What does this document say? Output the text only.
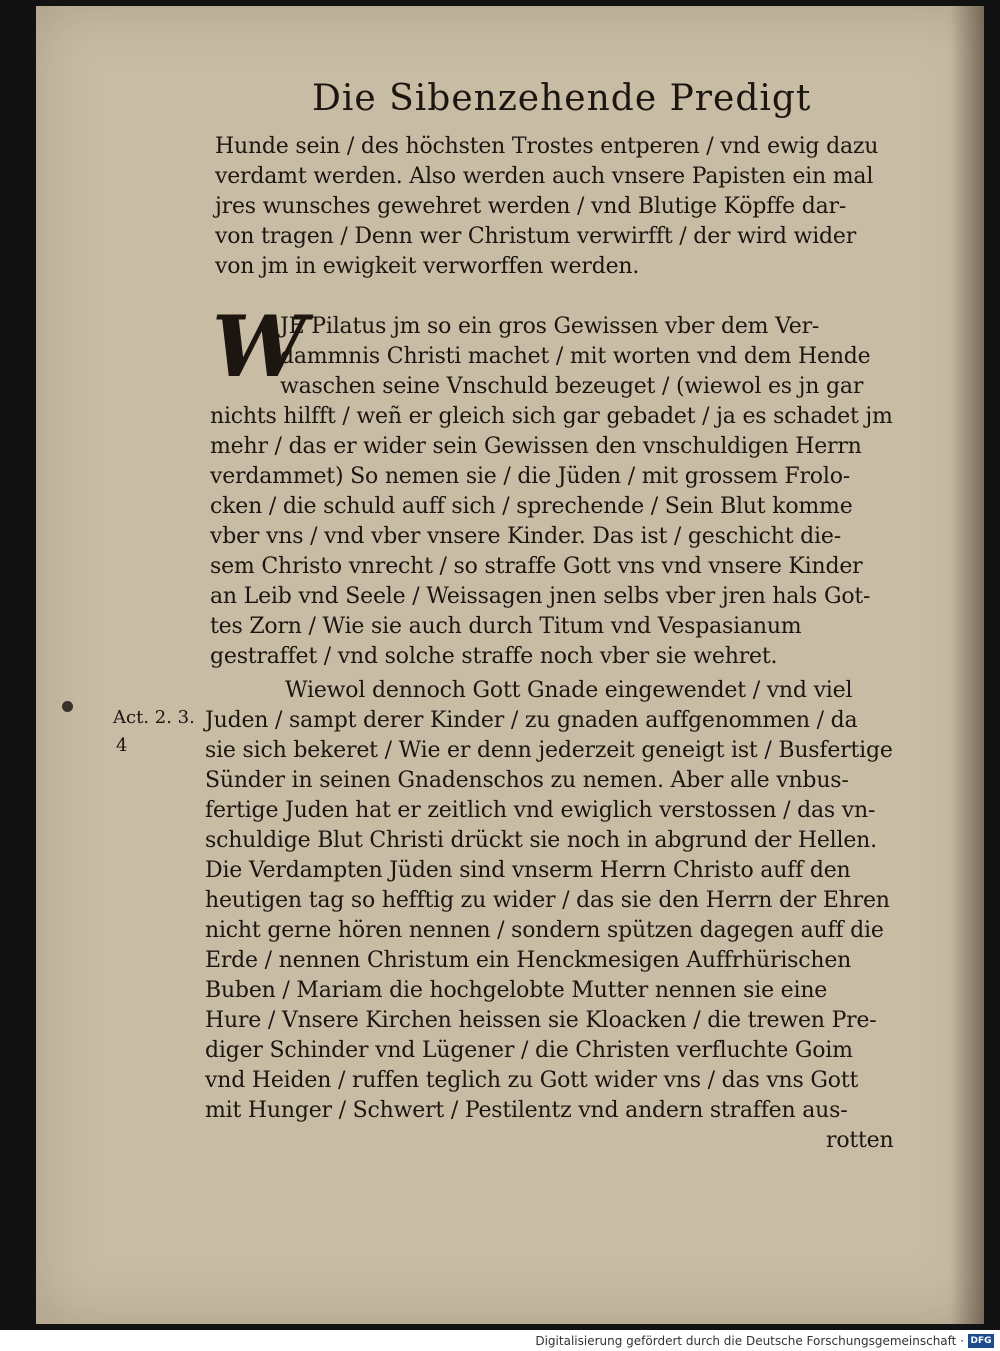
Die Sibenzehende Predigt
Hunde sein / des höchsten Trostes entperen / vnd ewig dazu
verdamt werden. Also werden auch vnsere Papisten ein mal
jres wunsches gewehret werden / vnd Blutige Köpffe dar-
von tragen / Denn wer Christum verwirfft / der wird wider
von jm in ewigkeit verworffen werden.
W
JE Pilatus jm so ein gros Gewissen vber dem Ver-
dammnis Christi machet / mit worten vnd dem Hende
waschen seine Vnschuld bezeuget / (wiewol es jn gar
nichts hilfft / weñ er gleich sich gar gebadet / ja es schadet jm
mehr / das er wider sein Gewissen den vnschuldigen Herrn
verdammet) So nemen sie / die Jüden / mit grossem Frolo-
cken / die schuld auff sich / sprechende / Sein Blut komme
vber vns / vnd vber vnsere Kinder. Das ist / geschicht die-
sem Christo vnrecht / so straffe Gott vns vnd vnsere Kinder
an Leib vnd Seele / Weissagen jnen selbs vber jren hals Got-
tes Zorn / Wie sie auch durch Titum vnd Vespasianum
gestraffet / vnd solche straffe noch vber sie wehret.
Act. 2. 3.
4
Wiewol dennoch Gott Gnade eingewendet / vnd viel
Juden / sampt derer Kinder / zu gnaden auffgenommen / da
sie sich bekeret / Wie er denn jederzeit geneigt ist / Busfertige
Sünder in seinen Gnadenschos zu nemen. Aber alle vnbus-
fertige Juden hat er zeitlich vnd ewiglich verstossen / das vn-
schuldige Blut Christi drückt sie noch in abgrund der Hellen.
Die Verdampten Jüden sind vnserm Herrn Christo auff den
heutigen tag so hefftig zu wider / das sie den Herrn der Ehren
nicht gerne hören nennen / sondern spützen dagegen auff die
Erde / nennen Christum ein Henckmesigen Auffrhürischen
Buben / Mariam die hochgelobte Mutter nennen sie eine
Hure / Vnsere Kirchen heissen sie Kloacken / die trewen Pre-
diger Schinder vnd Lügener / die Christen verfluchte Goim
vnd Heiden / ruffen teglich zu Gott wider vns / das vns Gott
mit Hunger / Schwert / Pestilentz vnd andern straffen aus-
rotten
Digitalisierung gefördert durch die Deutsche Forschungsgemeinschaft · DFG
